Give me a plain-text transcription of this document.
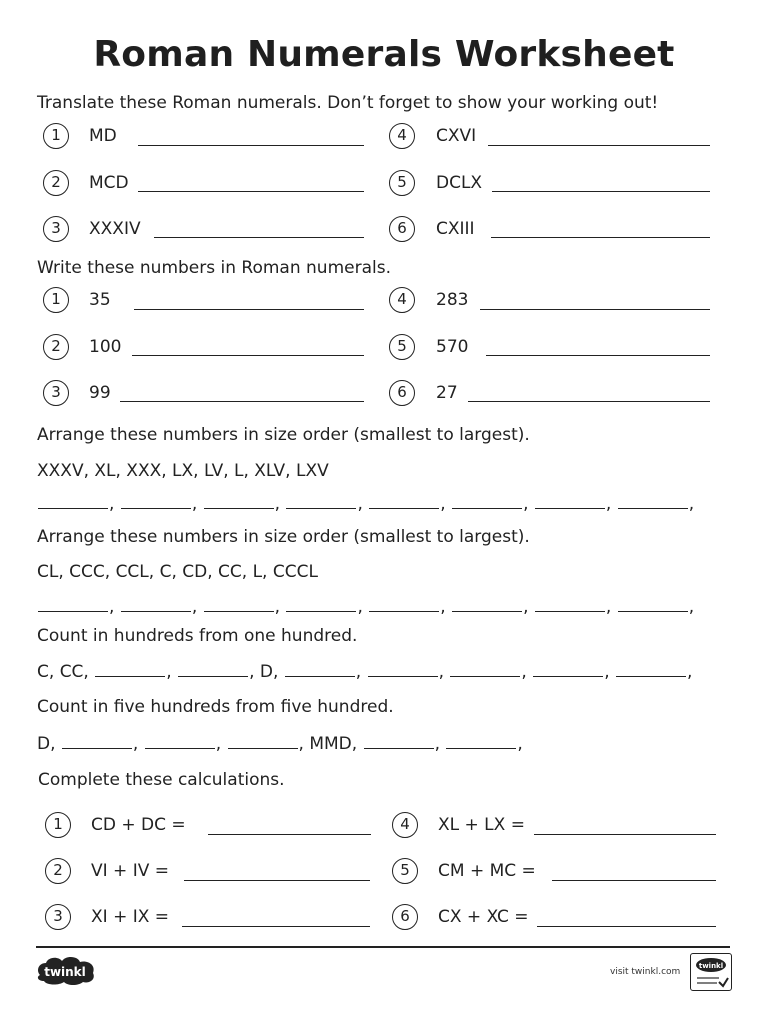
Roman Numerals Worksheet
Translate these Roman numerals. Don’t forget to show your working out!
1	MD
2	MCD
3	XXXIV
4	CXVI
5	DCLX
6	CXIII
Write these numbers in Roman numerals.
1	35
2	100
3	99
4	283
5	570
6	27
Arrange these numbers in size order (smallest to largest).
XXXV, XL, XXX, LX, LV, L, XLV, LXV
,	,	,	,	,	,	,	,
Arrange these numbers in size order (smallest to largest).
CL, CCC, CCL, C, CD, CC, L, CCCL
,	,	,	,	,	,	,	,
Count in hundreds from one hundred.
C, CC,	,	, D,	,	,	,	,	,
Count in five hundreds from five hundred.
D,	,	,	, MMD,	,	,
Complete these calculations.
1	CD + DC =
2	VI + IV =
3	XI + IX =
4	XL + LX =
5	CM + MC =
6	CX + XC =
twinkl	visit twinkl.com
twinkl
